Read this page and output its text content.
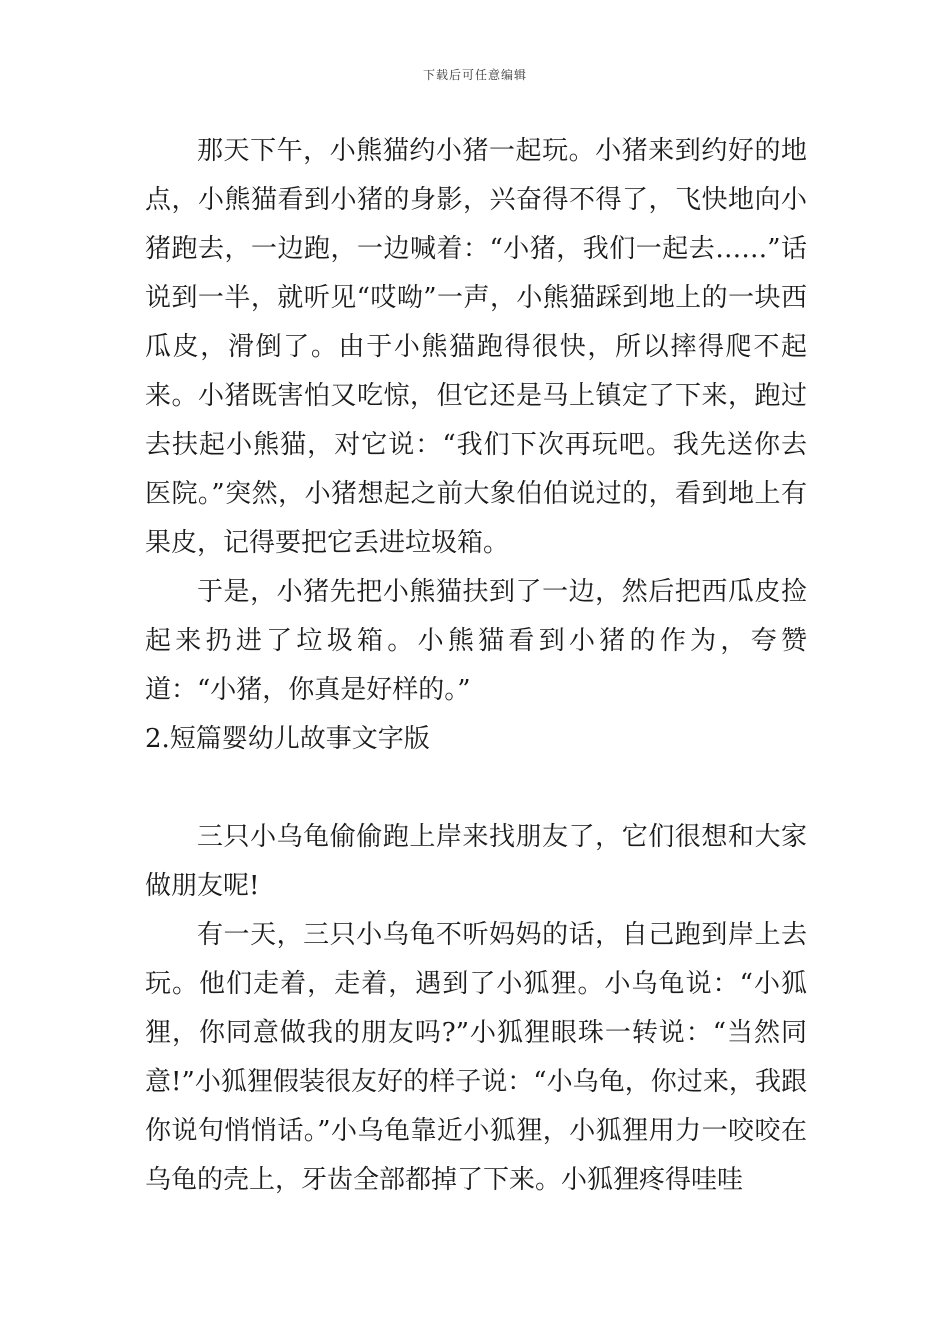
下载后可任意编辑

那天下午，小熊猫约小猪一起玩。小猪来到约好的地点，小熊猫看到小猪的身影，兴奋得不得了，飞快地向小猪跑去，一边跑，一边喊着：“小猪，我们一起去……”话说到一半，就听见“哎呦”一声，小熊猫踩到地上的一块西瓜皮，滑倒了。由于小熊猫跑得很快，所以摔得爬不起来。小猪既害怕又吃惊，但它还是马上镇定了下来，跑过去扶起小熊猫，对它说：“我们下次再玩吧。我先送你去医院。”突然，小猪想起之前大象伯伯说过的，看到地上有果皮，记得要把它丢进垃圾箱。

于是，小猪先把小熊猫扶到了一边，然后把西瓜皮捡起来扔进了垃圾箱。小熊猫看到小猪的作为，夸赞道：“小猪，你真是好样的。”

2.短篇婴幼儿故事文字版

三只小乌龟偷偷跑上岸来找朋友了，它们很想和大家做朋友呢!

有一天，三只小乌龟不听妈妈的话，自己跑到岸上去玩。他们走着，走着，遇到了小狐狸。小乌龟说：“小狐狸，你同意做我的朋友吗?”小狐狸眼珠一转说：“当然同意!”小狐狸假装很友好的样子说：“小乌龟，你过来，我跟你说句悄悄话。”小乌龟靠近小狐狸，小狐狸用力一咬咬在乌龟的壳上，牙齿全部都掉了下来。小狐狸疼得哇哇
